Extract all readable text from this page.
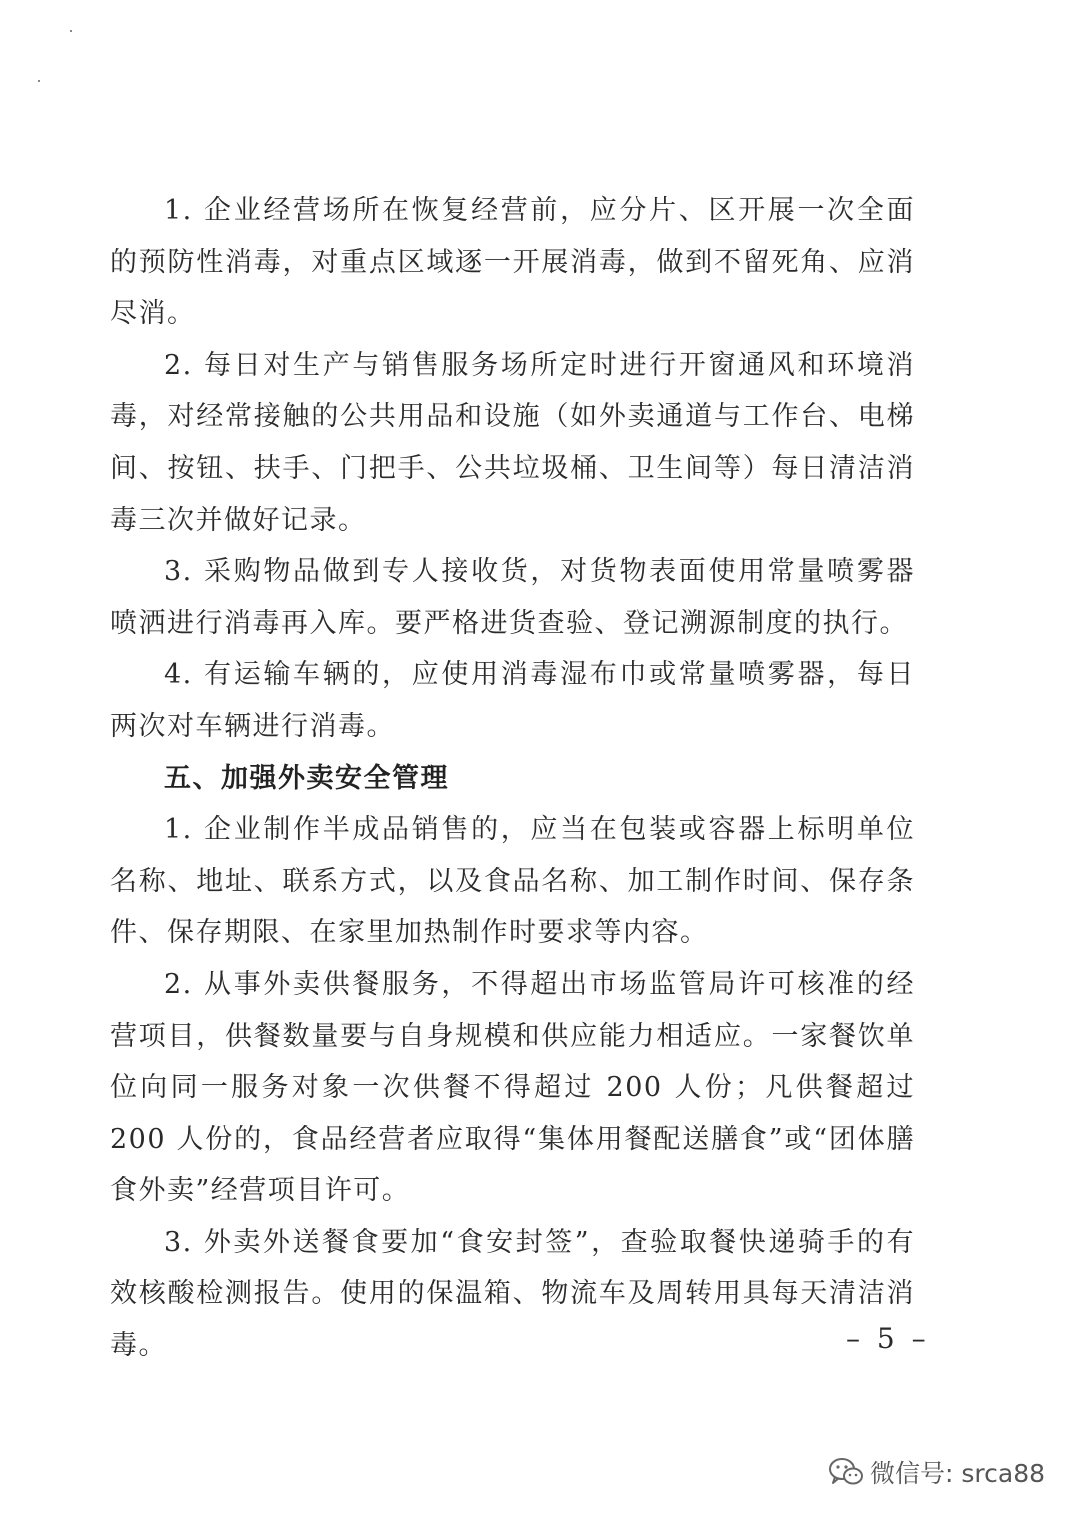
1. 企业经营场所在恢复经营前，应分片、区开展一次全面的预防性消毒，对重点区域逐一开展消毒，做到不留死角、应消尽消。

2. 每日对生产与销售服务场所定时进行开窗通风和环境消毒，对经常接触的公共用品和设施（如外卖通道与工作台、电梯间、按钮、扶手、门把手、公共垃圾桶、卫生间等）每日清洁消毒三次并做好记录。

3. 采购物品做到专人接收货，对货物表面使用常量喷雾器喷洒进行消毒再入库。要严格进货查验、登记溯源制度的执行。

4. 有运输车辆的，应使用消毒湿布巾或常量喷雾器，每日两次对车辆进行消毒。

五、加强外卖安全管理

1. 企业制作半成品销售的，应当在包装或容器上标明单位名称、地址、联系方式，以及食品名称、加工制作时间、保存条件、保存期限、在家里加热制作时要求等内容。

2. 从事外卖供餐服务，不得超出市场监管局许可核准的经营项目，供餐数量要与自身规模和供应能力相适应。一家餐饮单位向同一服务对象一次供餐不得超过 200 人份；凡供餐超过 200 人份的，食品经营者应取得“集体用餐配送膳食”或“团体膳食外卖”经营项目许可。

3. 外卖外送餐食要加“食安封签”，查验取餐快递骑手的有效核酸检测报告。使用的保温箱、物流车及周转用具每天清洁消毒。	– 5 –
微信号: srca88
